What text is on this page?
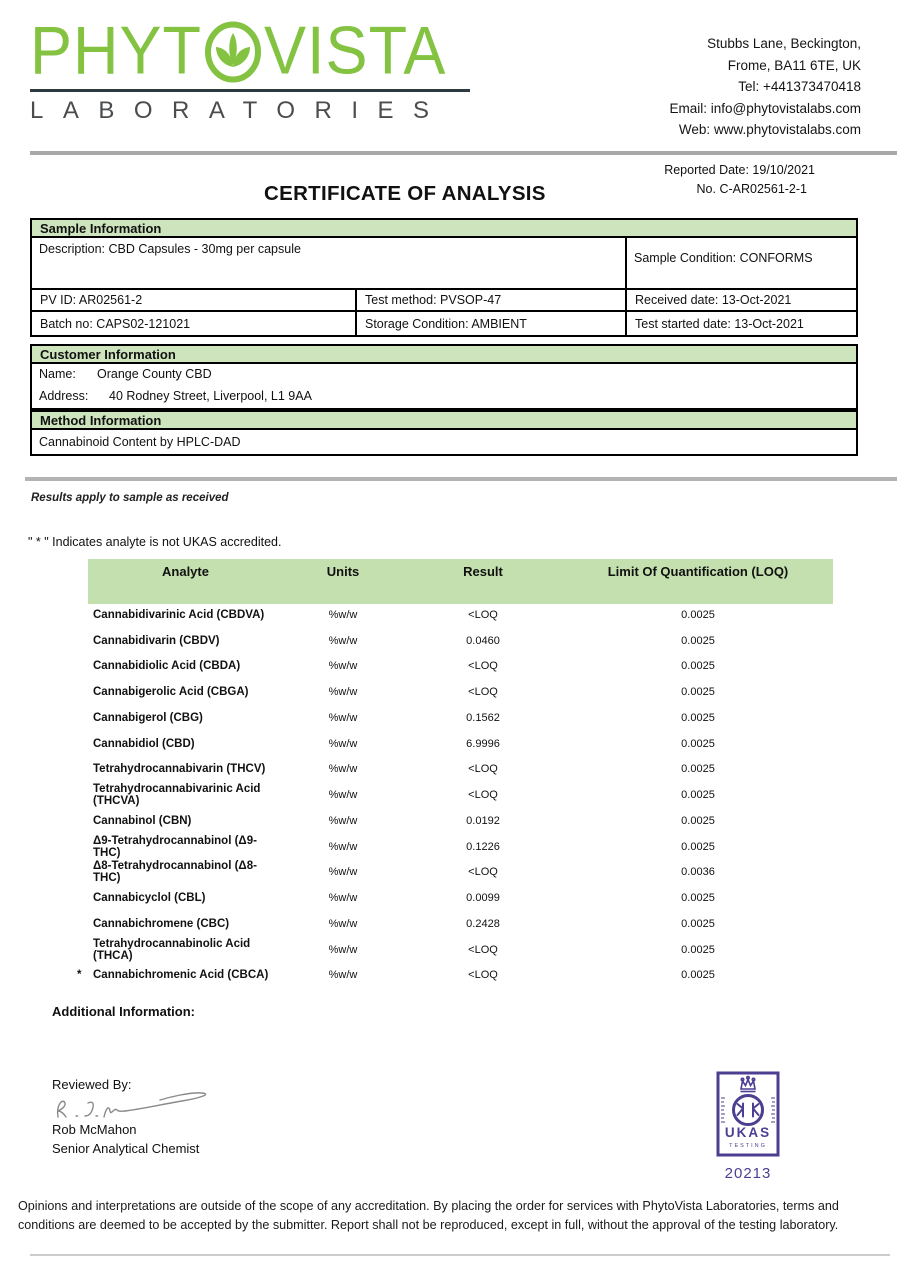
PHYT VISTA
LABORATORIES
Stubbs Lane, Beckington,
Frome, BA11 6TE, UK
Tel: +441373470418
Email: info@phytovistalabs.com
Web: www.phytovistalabs.com
Reported Date: 19/10/2021
CERTIFICATE OF ANALYSIS	No. C-AR02561-2-1
Sample Information
Description: CBD Capsules - 30mg per capsule
Sample Condition: CONFORMS
PV ID: AR02561-2	Test method: PVSOP-47	Received date: 13-Oct-2021
Batch no: CAPS02-121021	Storage Condition: AMBIENT	Test started date: 13-Oct-2021
Customer Information
Name:	Orange County CBD
Address:	40 Rodney Street, Liverpool, L1 9AA
Method Information
Cannabinoid Content by HPLC-DAD
Results apply to sample as received
" * " Indicates analyte is not UKAS accredited.
Analyte	Units	Result	Limit Of Quantification (LOQ)
Cannabidivarinic Acid (CBDVA)	%w/w	<LOQ	0.0025
Cannabidivarin (CBDV)	%w/w	0.0460	0.0025
Cannabidiolic Acid (CBDA)	%w/w	<LOQ	0.0025
Cannabigerolic Acid (CBGA)	%w/w	<LOQ	0.0025
Cannabigerol (CBG)	%w/w	0.1562	0.0025
Cannabidiol (CBD)	%w/w	6.9996	0.0025
Tetrahydrocannabivarin (THCV)	%w/w	<LOQ	0.0025
Tetrahydrocannabivarinic Acid (THCVA)	%w/w	<LOQ	0.0025
Cannabinol (CBN)	%w/w	0.0192	0.0025
Δ9-Tetrahydrocannabinol (Δ9-THC)	%w/w	0.1226	0.0025
Δ8-Tetrahydrocannabinol (Δ8-THC)	%w/w	<LOQ	0.0036
Cannabicyclol (CBL)	%w/w	0.0099	0.0025
Cannabichromene (CBC)	%w/w	0.2428	0.0025
Tetrahydrocannabinolic Acid (THCA)	%w/w	<LOQ	0.0025
* Cannabichromenic Acid (CBCA)	%w/w	<LOQ	0.0025
Additional Information:
Reviewed By:
Rob McMahon
Senior Analytical Chemist
UKAS
TESTING
20213
Opinions and interpretations are outside of the scope of any accreditation. By placing the order for services with PhytoVista Laboratories, terms and conditions are deemed to be accepted by the submitter. Report shall not be reproduced, except in full, without the approval of the testing laboratory.
